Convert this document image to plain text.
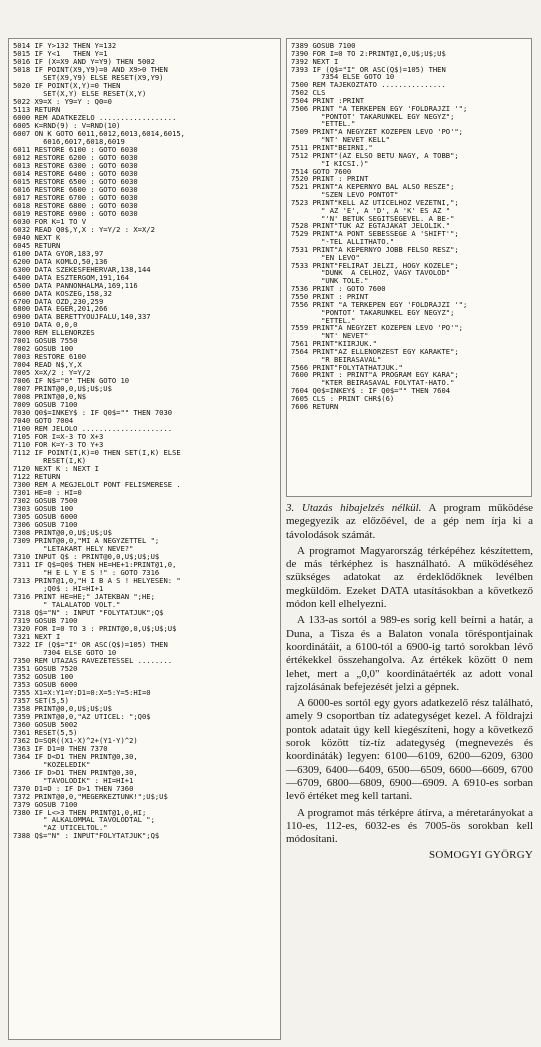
5014 IF Y>132 THEN Y=132
5015 IF Y<1   THEN Y=1
5016 IF (X=X9 AND Y=Y9) THEN 5002
5018 IF POINT(X9,Y9)=0 AND X9>0 THEN
SET(X9,Y9) ELSE RESET(X9,Y9)
5020 IF POINT(X,Y)=0 THEN
SET(X,Y) ELSE RESET(X,Y)
5022 X9=X : Y9=Y : Q0=0
5113 RETURN
6000 REM ADATKEZELO ..................
6005 K=RND(9) : V=RND(10)
6007 ON K GOTO 6011,6012,6013,6014,6015,
6016,6017,6018,6019
6011 RESTORE 6100 : GOTO 6030
6012 RESTORE 6200 : GOTO 6030
6013 RESTORE 6300 : GOTO 6030
6014 RESTORE 6400 : GOTO 6030
6015 RESTORE 6500 : GOTO 6030
6016 RESTORE 6600 : GOTO 6030
6017 RESTORE 6700 : GOTO 6030
6018 RESTORE 6800 : GOTO 6030
6019 RESTORE 6900 : GOTO 6030
6030 FOR K=1 TO V
6032 READ Q0$,Y,X : Y=Y/2 : X=X/2
6040 NEXT K
6045 RETURN
6100 DATA GYOR,183,97
6200 DATA KOMLO,50,136
6300 DATA SZEKESFEHERVAR,138,144
6400 DATA ESZTERGOM,191,164
6500 DATA PANNONHALMA,169,116
6600 DATA KOSZEG,158,32
6700 DATA OZD,230,259
6800 DATA EGER,201,266
6900 DATA BERETTYOUJFALU,140,337
6910 DATA 0,0,0
7000 REM ELLENORZES
7001 GOSUB 7550
7002 GOSUB 100
7003 RESTORE 6100
7004 READ N$,Y,X
7005 X=X/2 : Y=Y/2
7006 IF N$="0" THEN GOTO 10
7007 PRINT@0,0,U$;U$;U$
7008 PRINT@0,0,N$
7009 GOSUB 7100
7030 Q0$=INKEY$ : IF Q0$="" THEN 7030
7040 GOTO 7004
7100 REM JELOLO .....................
7105 FOR I=X-3 TO X+3
7110 FOR K=Y-3 TO Y+3
7112 IF POINT(I,K)=0 THEN SET(I,K) ELSE
RESET(I,K)
7120 NEXT K : NEXT I
7122 RETURN
7300 REM A MEGJELOLT PONT FELISMERESE .
7301 HE=0 : HI=0
7302 GOSUB 7500
7303 GOSUB 100
7305 GOSUB 6000
7306 GOSUB 7100
7308 PRINT@0,0,U$;U$;U$
7309 PRINT@0,0,"MI A NEGYZETTEL ";
"LETAKART HELY NEVE?"
7310 INPUT Q$ : PRINT@0,0,U$;U$;U$
7311 IF Q$=Q0$ THEN HE=HE+1:PRINT@1,0,
"H E L Y E S !" : GOTO 7316
7313 PRINT@1,0,"H I B A S ! HELYESEN: "
;Q0$ : HI=HI+1
7316 PRINT HE=HE;" JATEKBAN ";HE;
" TALALATOD VOLT."
7318 Q$="N" : INPUT "FOLYTATJUK";Q$
7319 GOSUB 7100
7320 FOR I=0 TO 3 : PRINT@0,0,U$;U$;U$
7321 NEXT I
7322 IF (Q$="I" OR ASC(Q$)=105) THEN
7304 ELSE GOTO 10
7350 REM UTAZAS RAVEZETESSEL ........
7351 GOSUB 7520
7352 GOSUB 100
7353 GOSUB 6000
7355 X1=X:Y1=Y:D1=0:X=5:Y=5:HI=0
7357 SET(5,5)
7358 PRINT@0,0,U$;U$;U$
7359 PRINT@0,0,"AZ UTICEL: ";Q0$
7360 GOSUB 5002
7361 RESET(5,5)
7362 D=SQR((X1-X)^2+(Y1-Y)^2)
7363 IF D1=0 THEN 7370
7364 IF D<D1 THEN PRINT@0,30,
"KOZELEDIK"
7366 IF D>D1 THEN PRINT@0,30,
"TAVOLODIK" : HI=HI+1
7370 D1=D : IF D>1 THEN 7360
7372 PRINT@0,0,"MEGERKEZTUNK!";U$;U$
7379 GOSUB 7100
7380 IF L<>3 THEN PRINT@1,0,HI;
" ALKALOMMAL TAVOLODTAL ";
"AZ UTICELTOL."
7388 Q$="N" : INPUT"FOLYTATJUK";Q$
7389 GOSUB 7100
7390 FOR I=0 TO 2:PRINT@I,0,U$;U$;U$
7392 NEXT I
7393 IF (Q$="I" OR ASC(Q$)=105) THEN
7354 ELSE GOTO 10
7500 REM TAJEKOZTATO ...............
7502 CLS
7504 PRINT :PRINT
7506 PRINT "A TERKEPEN EGY 'FOLDRAJZI '";
"PONTOT' TAKARUNKEL EGY NEGYZ";
"ETTEL."
7509 PRINT"A NEGYZET KOZEPEN LEVO 'PO'";
"NT' NEVET KELL"
7511 PRINT"BEIRNI."
7512 PRINT"(AZ ELSO BETU NAGY, A TOBB";
"I KICSI.)"
7514 GOTO 7600
7520 PRINT : PRINT
7521 PRINT"A KEPERNYO BAL ALSO RESZE";
"SZEN LEVO PONTOT"
7523 PRINT"KELL AZ UTICELHOZ VEZETNI,";
" AZ 'E', A 'D', A 'K' ES AZ "
"'N' BETUK SEGITSEGEVEL. A BE-"
7528 PRINT"TUK AZ EGTAJAKAT JELOLIK."
7529 PRINT"A PONT SEBESSEGE A 'SHIFT'";
"-TEL ALLITHATO."
7531 PRINT"A KEPERNYO JOBB FELSO RESZ";
"EN LEVO"
7533 PRINT"FELIRAT JELZI, HOGY KOZELE";
"DUNK  A CELHOZ, VAGY TAVOLOD"
"UNK TOLE."
7536 PRINT : GOTO 7600
7550 PRINT : PRINT
7556 PRINT "A TERKEPEN EGY 'FOLDRAJZI '";
"PONTOT' TAKARUNKEL EGY NEGYZ";
"ETTEL."
7559 PRINT"A NEGYZET KOZEPEN LEVO 'PO'";
"NT' NEVET"
7561 PRINT"KIIRJUK."
7564 PRINT"AZ ELLENORZEST EGY KARAKTE";
"R BEIRASAVAL"
7566 PRINT"FOLYTATHATJUK."
7600 PRINT : PRINT"A PROGRAM EGY KARA";
"KTER BEIRASAVAL FOLYTAT-HATO."
7604 Q0$=INKEY$ : IF Q0$="" THEN 7604
7605 CLS : PRINT CHR$(6)
7606 RETURN

3. Utazás hibajelzés nélkül. A program működése megegyezik az előzőével, de a gép nem írja ki a távolodások számát.

A programot Magyarország térképéhez készítettem, de más térképhez is használható. A működéséhez szükséges adatokat az érdeklődőknek levélben megküldöm. Ezeket DATA utasításokban a következő módon kell elhelyezni.

A 133-as sortól a 989-es sorig kell beírni a határ, a Duna, a Tisza és a Balaton vonala töréspontjainak koordinátáit, a 6100-tól a 6900-ig tartó sorokban lévő értékekkel összehangolva. Az értékek között 0 nem lehet, mert a „0,0" koordinátaérték az adott vonal rajzolásának befejezését jelzi a gépnek.

A 6000-es sortól egy gyors adatkezelő rész található, amely 9 csoportban tíz adategységet kezel. A földrajzi pontok adatait úgy kell kiegészíteni, hogy a következő sorok között tíz-tíz adategység (megnevezés és koordináták) legyen: 6100—6109, 6200—6209, 6300—6309, 6400—6409, 6500—6509, 6600—6609, 6700—6709, 6800—6809, 6900—6909. A 6910-es sorban levő értéket meg kell tartani.

A programot más térképre átírva, a méretarányokat a 110-es, 112-es, 6032-es és 7005-ös sorokban kell módosítani.

SOMOGYI GYÖRGY
